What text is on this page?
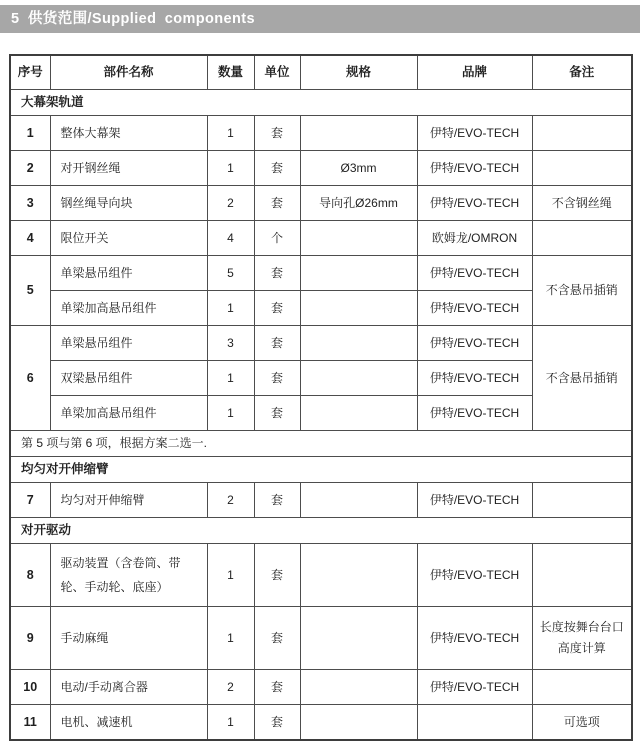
5 供货范围/Supplied components
序号	部件名称	数量	单位	规格	品牌	备注
大幕架轨道						
1	整体大幕架	1	套		伊特/EVO-TECH	
2	对开钢丝绳	1	套	Ø3mm	伊特/EVO-TECH	
3	钢丝绳导向块	2	套	导向孔Ø26mm	伊特/EVO-TECH	不含钢丝绳
4	限位开关	4	个		欧姆龙/OMRON	
5	单梁悬吊组件	5	套		伊特/EVO-TECH	不含悬吊插销
	单梁加高悬吊组件	1	套		伊特/EVO-TECH	
6	单梁悬吊组件	3	套		伊特/EVO-TECH	不含悬吊插销
	双梁悬吊组件	1	套		伊特/EVO-TECH	
	单梁加高悬吊组件	1	套		伊特/EVO-TECH	
第 5 项与第 6 项，根据方案二选一.						
均匀对开伸缩臂						
7	均匀对开伸缩臂	2	套		伊特/EVO-TECH	
对开驱动						
8	驱动装置（含卷筒、带轮、手动轮、底座）	1	套		伊特/EVO-TECH	
9	手动麻绳	1	套		伊特/EVO-TECH	长度按舞台台口高度计算
10	电动/手动离合器	2	套		伊特/EVO-TECH	
11	电机、减速机	1	套			可选项
